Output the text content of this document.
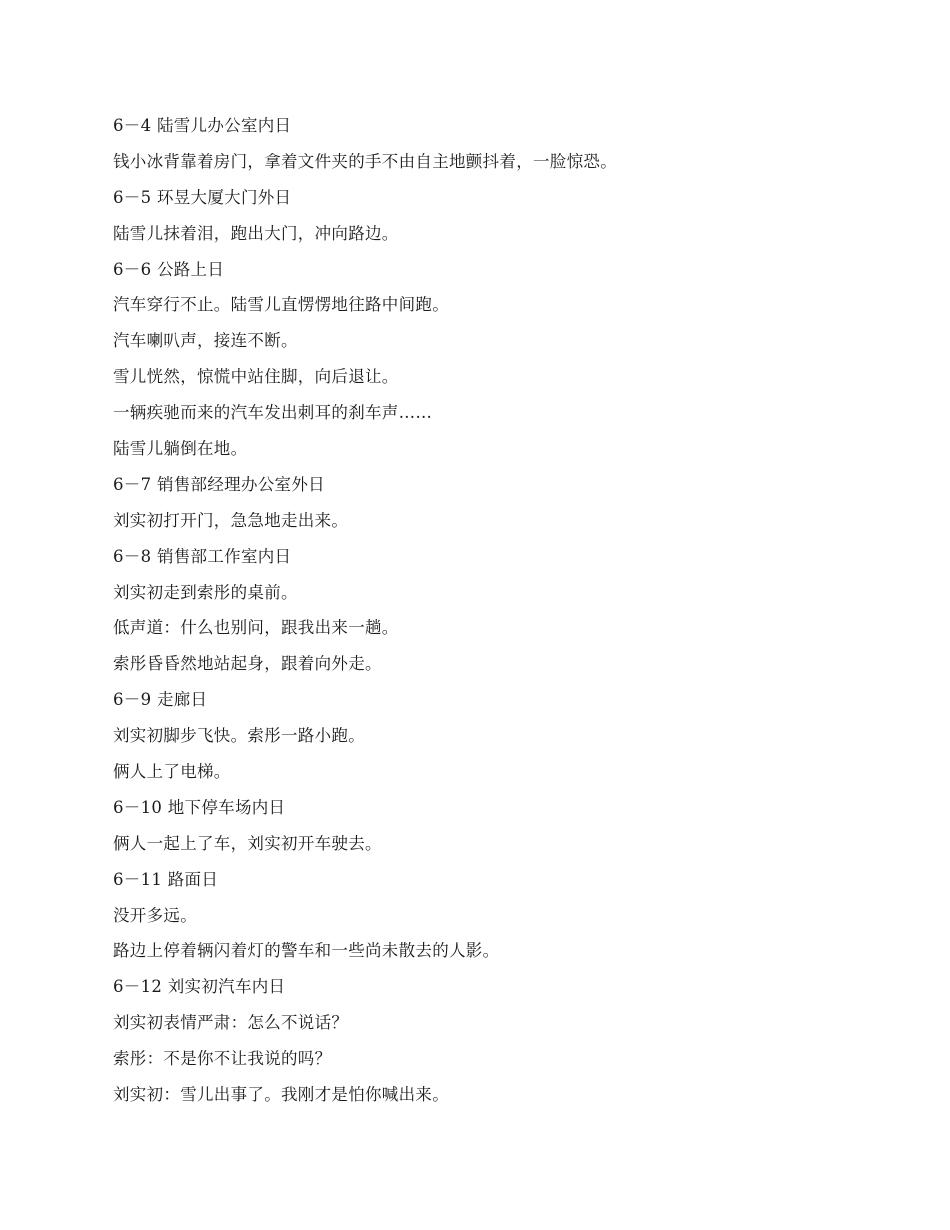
6－4 陆雪儿办公室内日
钱小冰背靠着房门，拿着文件夹的手不由自主地颤抖着，一脸惊恐。
6－5 环昱大厦大门外日
陆雪儿抹着泪，跑出大门，冲向路边。
6－6 公路上日
汽车穿行不止。陆雪儿直愣愣地往路中间跑。
汽车喇叭声，接连不断。
雪儿恍然，惊慌中站住脚，向后退让。
一辆疾驰而来的汽车发出刺耳的刹车声……
陆雪儿躺倒在地。
6－7 销售部经理办公室外日
刘实初打开门，急急地走出来。
6－8 销售部工作室内日
刘实初走到索彤的桌前。
低声道：什么也别问，跟我出来一趟。
索彤昏昏然地站起身，跟着向外走。
6－9 走廊日
刘实初脚步飞快。索彤一路小跑。
俩人上了电梯。
6－10 地下停车场内日
俩人一起上了车，刘实初开车驶去。
6－11 路面日
没开多远。
路边上停着辆闪着灯的警车和一些尚未散去的人影。
6－12 刘实初汽车内日
刘实初表情严肃：怎么不说话？
索彤：不是你不让我说的吗？
刘实初：雪儿出事了。我刚才是怕你喊出来。
